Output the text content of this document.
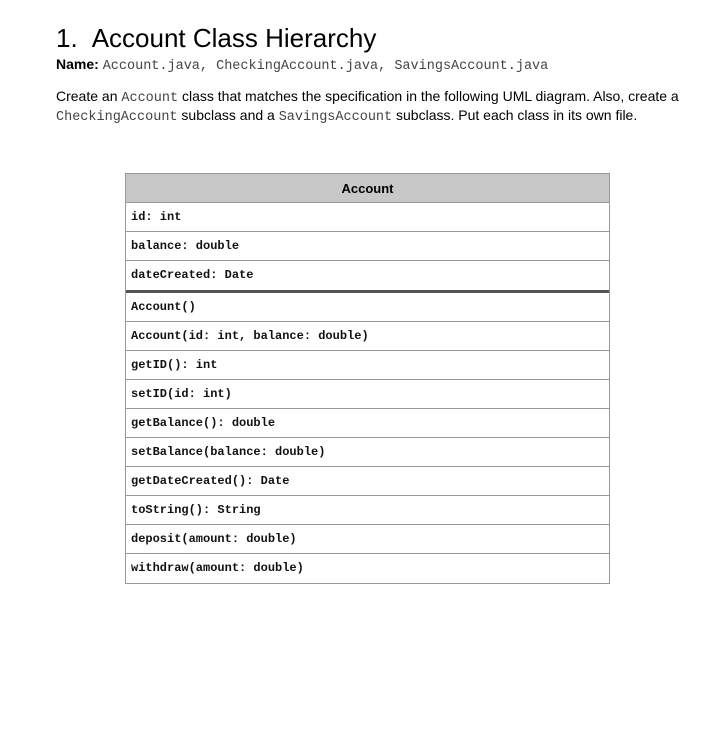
1. Account Class Hierarchy
Name: Account.java, CheckingAccount.java, SavingsAccount.java
Create an Account class that matches the specification in the following UML diagram. Also, create a CheckingAccount subclass and a SavingsAccount subclass. Put each class in its own file.
Account
id: int
balance: double
dateCreated: Date
Account()
Account(id: int, balance: double)
getID(): int
setID(id: int)
getBalance(): double
setBalance(balance: double)
getDateCreated(): Date
toString(): String
deposit(amount: double)
withdraw(amount: double)
